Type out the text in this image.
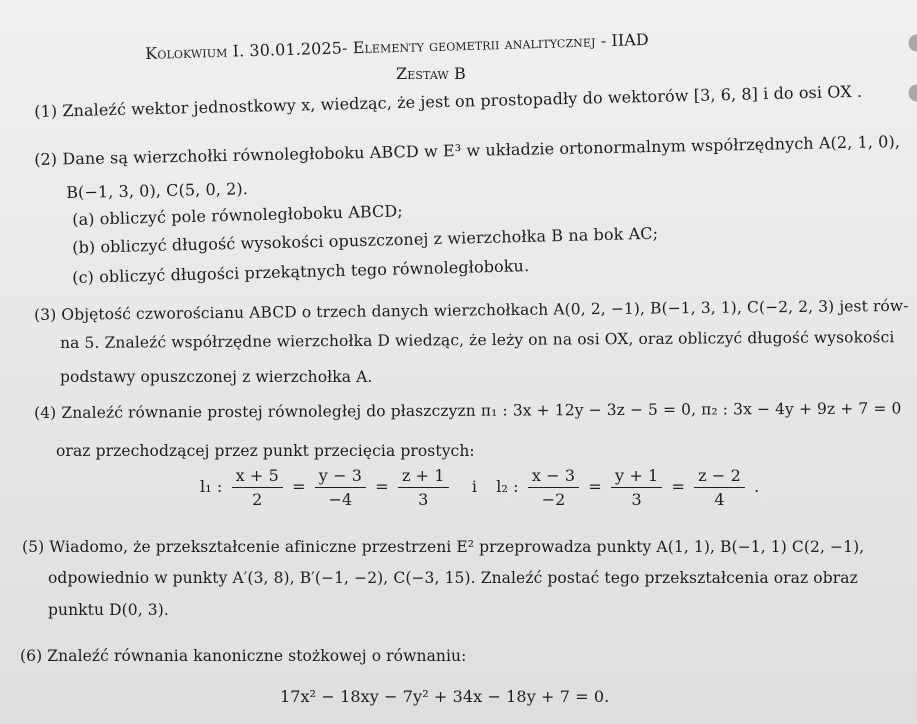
Kolokwium I. 30.01.2025- Elementy geometrii analitycznej - IIAD
Zestaw B
(1) Znaleźć wektor jednostkowy x, wiedząc, że jest on prostopadły do wektorów [3, 6, 8] i do osi OX .
(2) Dane są wierzchołki równoległoboku ABCD w E³ w układzie ortonormalnym współrzędnych A(2, 1, 0),
B(−1, 3, 0), C(5, 0, 2).
(a) obliczyć pole równoległoboku ABCD;
(b) obliczyć długość wysokości opuszczonej z wierzchołka B na bok AC;
(c) obliczyć długości przekątnych tego równoległoboku.
(3) Objętość czworościanu ABCD o trzech danych wierzchołkach A(0, 2, −1), B(−1, 3, 1), C(−2, 2, 3) jest rów-
na 5. Znaleźć współrzędne wierzchołka D wiedząc, że leży on na osi OX, oraz obliczyć długość wysokości
podstawy opuszczonej z wierzchołka A.
(4) Znaleźć równanie prostej równoległej do płaszczyzn π₁ : 3x + 12y − 3z − 5 = 0, π₂ : 3x − 4y + 9z + 7 = 0
oraz przechodzącej przez punkt przecięcia prostych:
l₁ : $\frac{x + 5}{2} = \frac{y - 3}{-4} = \frac{z + 1}{3}$ i l₂ : $\frac{x - 3}{-2} = \frac{y + 1}{3} = \frac{z - 2}{4}$ .
(5) Wiadomo, że przekształcenie afiniczne przestrzeni E² przeprowadza punkty A(1, 1), B(−1, 1) C(2, −1),
odpowiednio w punkty A′(3, 8), B′(−1, −2), C(−3, 15). Znaleźć postać tego przekształcenia oraz obraz
punktu D(0, 3).
(6) Znaleźć równania kanoniczne stożkowej o równaniu:
17x² − 18xy − 7y² + 34x − 18y + 7 = 0.
